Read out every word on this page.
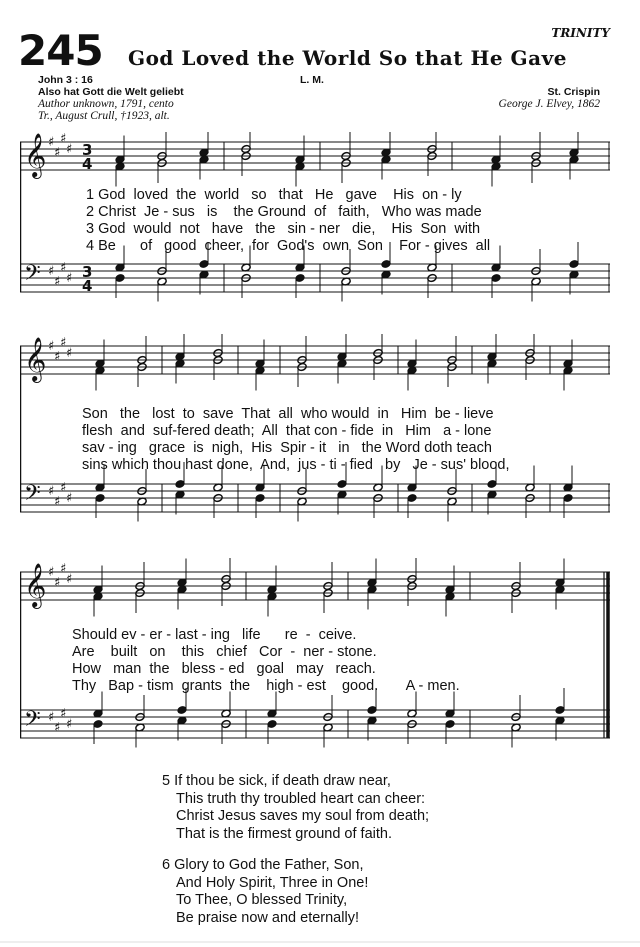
245 God Loved the World So that He Gave
TRINITY
John 3 : 16
Also hat Gott die Welt geliebt
Author unknown, 1791, cento
Tr., August Crull, †1923, alt.
L. M.
St. Crispin
George J. Elvey, 1862
𝄞
𝄢
♯
♯
♯
♯
♯
♯
♯
♯
3
4
3
4
1 God  loved  the  world   so   that   He   gave    His  on - ly
2 Christ  Je - sus   is    the Ground  of   faith,   Who was made
3 God  would  not   have   the   sin - ner   die,    His  Son  with
4 Be      of   good  cheer,  for  God's  own  Son    For - gives  all
𝄞
𝄢
♯
♯
♯
♯
♯
♯
♯
♯
Son   the   lost  to  save  That  all  who would  in   Him  be - lieve
flesh  and  suf-fered death;  All  that con - fide  in   Him   a - lone
sav - ing   grace  is  nigh,  His  Spir - it   in   the Word doth teach
sins which thou hast done,  And,  jus - ti - fied   by   Je - sus' blood,
𝄞
𝄢
♯
♯
♯
♯
♯
♯
♯
♯
Should ev - er - last - ing   life      re  -  ceive.
Are    built   on    this   chief   Cor  -  ner - stone.
How   man  the   bless - ed   goal   may   reach.
Thy   Bap - tism  grants  the    high - est    good.       A - men.
5 If thou be sick, if death draw near,
This truth thy troubled heart can cheer:
Christ Jesus saves my soul from death;
That is the firmest ground of faith.
6 Glory to God the Father, Son,
And Holy Spirit, Three in One!
To Thee, O blessed Trinity,
Be praise now and eternally!
